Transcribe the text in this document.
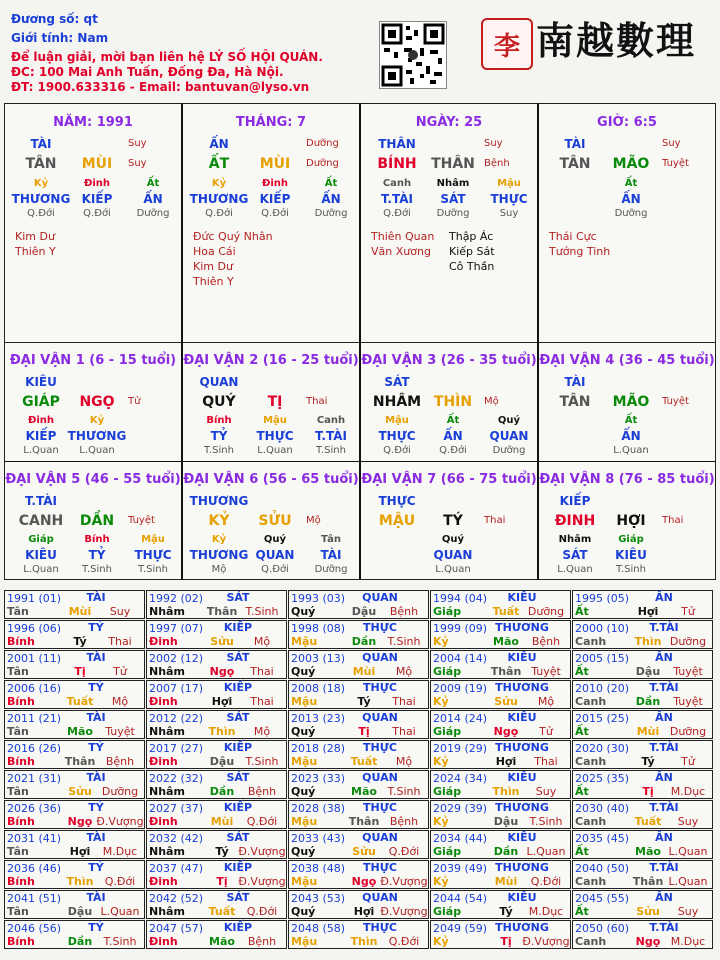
Đương số: qt
Giới tính: Nam
Để luận giải, mời bạn liên hệ LÝ SỐ HỘI QUÁN.
ĐC: 100 Mai Anh Tuấn, Đống Đa, Hà Nội.
ĐT: 1900.633316 - Email: bantuvan@lyso.vn
李 南越數理
NĂM: 1991
TÀI	Suy
TÂN	MÙI	Suy
Kỷ
THƯƠNG
Q.Đới
Đinh
KIẾP
Q.Đới
Ất
ẤN
Dưỡng
Kim Dư
Thiên Y
THÁNG: 7
ẤN	Dưỡng
ẤT	MÙI	Dưỡng
Kỷ
THƯƠNG
Q.Đới
Đinh
KIẾP
Q.Đới
Ất
ẤN
Dưỡng
Đức Quý Nhân
Hoa Cái
Kim Dư
Thiên Y
NGÀY: 25
THÂN	Suy
BÍNH	THÂN Bệnh
Canh
T.TÀI
Q.Đới
Nhâm
SÁT
Dưỡng
Mậu
THỰC
Suy
Thiên Quan
Văn Xương
Thập Ác
Kiếp Sát
Cô Thần
GIỜ: 6:5
TÀI	Suy
TÂN	MÃO	Tuyệt
Ất
ẤN
Dưỡng
Thái Cực
Tướng Tinh
ĐẠI VẬN 1 (6 - 15 tuổi)
KIÊU
GIÁP	NGỌ	Tử
Đinh
KIẾP
L.Quan
Kỷ
THƯƠNG
L.Quan
ĐẠI VẬN 2 (16 - 25 tuổi)
QUAN
QUÝ	TỊ	Thai
Bính
TỶ
T.Sinh
Mậu
THỰC
L.Quan
Canh
T.TÀI
T.Sinh
ĐẠI VẬN 3 (26 - 35 tuổi)
SÁT
NHÂM THÌN	Mộ
Mậu
THỰC
Q.Đới
Ất
ẤN
Q.Đới
Quý
QUAN
Dưỡng
ĐẠI VẬN 4 (36 - 45 tuổi)
TÀI
TÂN	MÃO	Tuyệt
Ất
ẤN
L.Quan
ĐẠI VẬN 5 (46 - 55 tuổi)
T.TÀI
CANH	DẦN	Tuyệt
Giáp
KIÊU
L.Quan
Bính
TỶ
T.Sinh
Mậu
THỰC
T.Sinh
ĐẠI VẬN 6 (56 - 65 tuổi)
THƯƠNG
KỶ	SỬU	Mộ
Kỷ
THƯƠNG
Mộ
Quý
QUAN
Q.Đới
Tân
TÀI
Dưỡng
ĐẠI VẬN 7 (66 - 75 tuổi)
THỰC
MẬU	TÝ	Thai
Quý
QUAN
L.Quan
ĐẠI VẬN 8 (76 - 85 tuổi)
KIẾP
ĐINH	HỢI	Thai
Nhâm
SÁT
L.Quan
Giáp
KIÊU
T.Sinh
1991 (01)	TÀI
Tân	Mùi	Suy
1992 (02)	SÁT
Nhâm	Thân T.Sinh
1993 (03)	QUAN
Quý	Dậu	Bệnh
1994 (04)	KIÊU
Giáp	Tuất Dưỡng
1995 (05)	ẤN
Ất	Hợi	Tử
1996 (06)	TỶ
Bính	Tý	Thai
1997 (07)	KIẾP
Đinh	Sửu	Mộ
1998 (08)	THỰC
Mậu	Dần	T.Sinh
1999 (09) THƯƠNG
Kỷ	Mão	Bệnh
2000 (10)	T.TÀI
Canh	Thìn Dưỡng
2001 (11)	TÀI
Tân	Tị	Tử
2002 (12)	SÁT
Nhâm	Ngọ	Thai
2003 (13)	QUAN
Quý	Mùi	Mộ
2004 (14)	KIÊU
Giáp	Thân Tuyệt
2005 (15)	ẤN
Ất	Dậu	Tuyệt
2006 (16)	TỶ
Bính	Tuất	Mộ
2007 (17)	KIẾP
Đinh	Hợi	Thai
2008 (18)	THỰC
Mậu	Tý	Thai
2009 (19) THƯƠNG
Kỷ	Sửu	Mộ
2010 (20)	T.TÀI
Canh	Dần	Tuyệt
2011 (21)	TÀI
Tân	Mão	Tuyệt
2012 (22)	SÁT
Nhâm	Thìn	Mộ
2013 (23)	QUAN
Quý	Tị	Thai
2014 (24)	KIÊU
Giáp	Ngọ	Tử
2015 (25)	ẤN
Ất	Mùi Dưỡng
2016 (26)	TỶ
Bính	Thân Bệnh
2017 (27)	KIẾP
Đinh	Dậu	T.Sinh
2018 (28)	THỰC
Mậu	Tuất	Mộ
2019 (29) THƯƠNG
Kỷ	Hợi	Thai
2020 (30)	T.TÀI
Canh	Tý	Tử
2021 (31)	TÀI
Tân	Sửu Dưỡng
2022 (32)	SÁT
Nhâm	Dần	Bệnh
2023 (33)	QUAN
Quý	Mão T.Sinh
2024 (34)	KIÊU
Giáp	Thìn	Suy
2025 (35)	ẤN
Ất	Tị	M.Dục
2026 (36)	TỶ
Bính	Ngọ Đ.Vượng
2027 (37)	KIẾP
Đinh	Mùi	Q.Đới
2028 (38)	THỰC
Mậu	Thân Bệnh
2029 (39) THƯƠNG
Kỷ	Dậu	T.Sinh
2030 (40)	T.TÀI
Canh	Tuất	Suy
2031 (41)	TÀI
Tân	Hợi	M.Dục
2032 (42)	SÁT
Nhâm	Tý Đ.Vượng
2033 (43)	QUAN
Quý	Sửu	Q.Đới
2034 (44)	KIÊU
Giáp	Dần L.Quan
2035 (45)	ẤN
Ất	Mão L.Quan
2036 (46)	TỶ
Bính	Thìn	Q.Đới
2037 (47)	KIẾP
Đinh	Tị Đ.Vượng
2038 (48)	THỰC
Mậu	Ngọ Đ.Vượng
2039 (49) THƯƠNG
Kỷ	Mùi	Q.Đới
2040 (50)	T.TÀI
Canh	Thân L.Quan
2041 (51)	TÀI
Tân	Dậu L.Quan
2042 (52)	SÁT
Nhâm	Tuất	Q.Đới
2043 (53)	QUAN
Quý	Hợi Đ.Vượng
2044 (54)	KIÊU
Giáp	Tý	M.Dục
2045 (55)	ẤN
Ất	Sửu	Suy
2046 (56)	TỶ
Bính	Dần	T.Sinh
2047 (57)	KIẾP
Đinh	Mão	Bệnh
2048 (58)	THỰC
Mậu	Thìn	Q.Đới
2049 (59) THƯƠNG
Kỷ	Tị Đ.Vượng
2050 (60)	T.TÀI
Canh	Ngọ M.Dục
